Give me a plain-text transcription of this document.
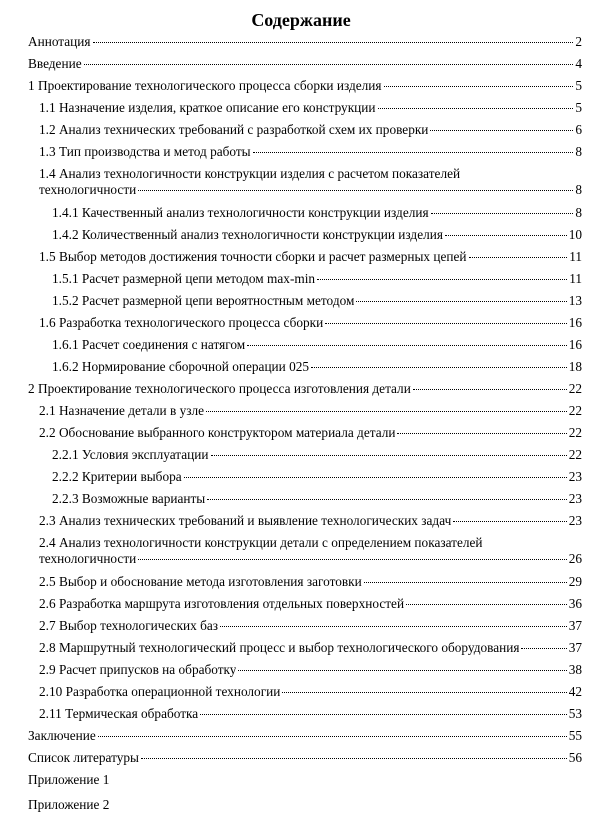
Содержание
Аннотация	2
Введение	4
1 Проектирование технологического процесса сборки изделия	5
1.1 Назначение изделия, краткое описание его конструкции	5
1.2 Анализ технических требований с разработкой схем их проверки	6
1.3 Тип производства и метод работы	8
1.4 Анализ технологичности конструкции изделия с расчетом показателей
технологичности	8
1.4.1 Качественный анализ технологичности конструкции изделия	8
1.4.2 Количественный анализ технологичности конструкции изделия	10
1.5 Выбор методов достижения точности сборки и расчет размерных цепей	11
1.5.1 Расчет размерной цепи методом max-min	11
1.5.2 Расчет размерной цепи вероятностным методом	13
1.6 Разработка технологического процесса сборки	16
1.6.1 Расчет соединения с натягом	16
1.6.2 Нормирование сборочной операции 025	18
2 Проектирование технологического процесса изготовления детали	22
2.1 Назначение детали в узле	22
2.2 Обоснование выбранного конструктором материала детали	22
2.2.1 Условия эксплуатации	22
2.2.2 Критерии выбора	23
2.2.3 Возможные варианты	23
2.3 Анализ технических требований и выявление технологических задач	23
2.4 Анализ технологичности конструкции детали с определением показателей
технологичности	26
2.5 Выбор и обоснование метода изготовления заготовки	29
2.6 Разработка маршрута изготовления отдельных поверхностей	36
2.7 Выбор технологических баз	37
2.8 Маршрутный технологический процесс и выбор технологического оборудования	37
2.9 Расчет припусков на обработку	38
2.10 Разработка операционной технологии	42
2.11 Термическая обработка	53
Заключение	55
Список литературы	56
Приложение 1
Приложение 2
